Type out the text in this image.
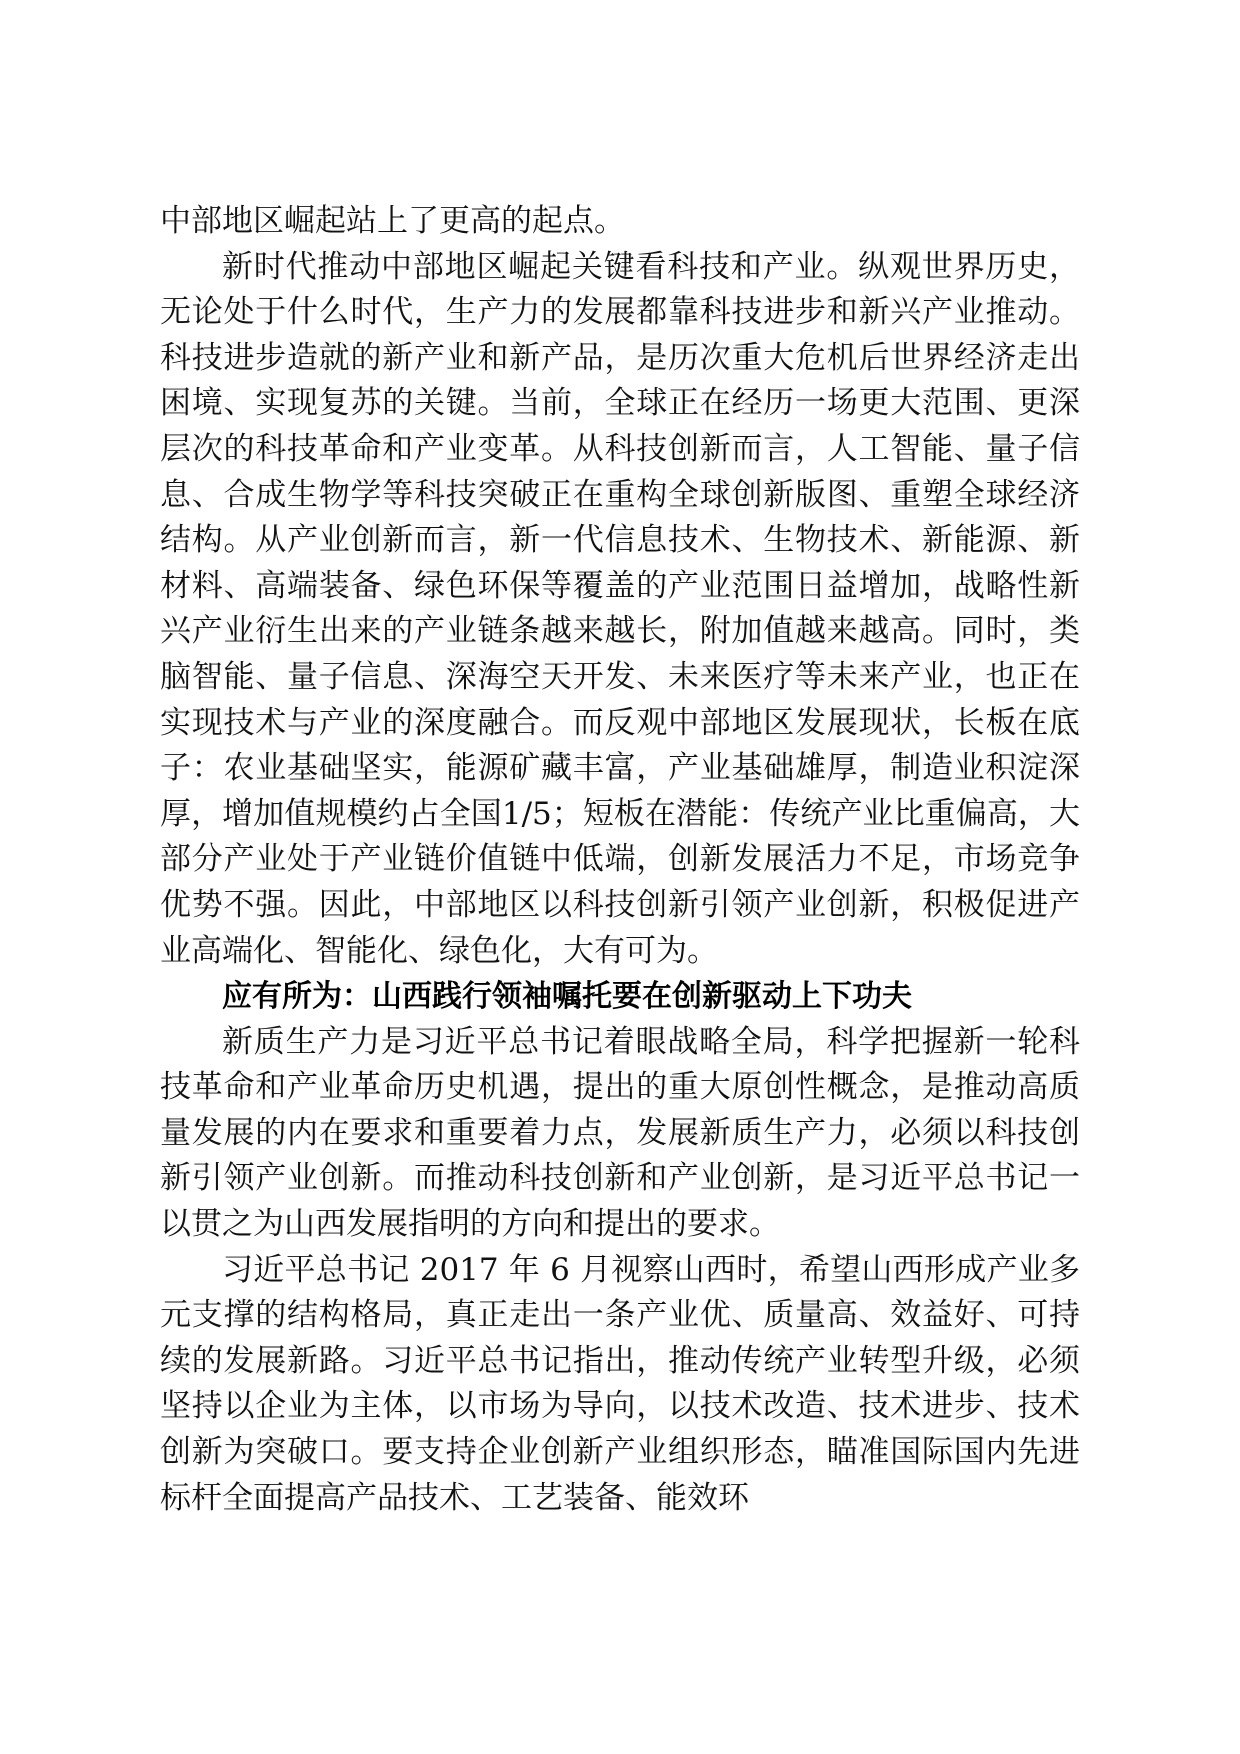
中部地区崛起站上了更高的起点。

新时代推动中部地区崛起关键看科技和产业。纵观世界历史，无论处于什么时代，生产力的发展都靠科技进步和新兴产业推动。科技进步造就的新产业和新产品，是历次重大危机后世界经济走出困境、实现复苏的关键。当前，全球正在经历一场更大范围、更深层次的科技革命和产业变革。从科技创新而言，人工智能、量子信息、合成生物学等科技突破正在重构全球创新版图、重塑全球经济结构。从产业创新而言，新一代信息技术、生物技术、新能源、新材料、高端装备、绿色环保等覆盖的产业范围日益增加，战略性新兴产业衍生出来的产业链条越来越长，附加值越来越高。同时，类脑智能、量子信息、深海空天开发、未来医疗等未来产业，也正在实现技术与产业的深度融合。而反观中部地区发展现状，长板在底子：农业基础坚实，能源矿藏丰富，产业基础雄厚，制造业积淀深厚，增加值规模约占全国1/5；短板在潜能：传统产业比重偏高，大部分产业处于产业链价值链中低端，创新发展活力不足，市场竞争优势不强。因此，中部地区以科技创新引领产业创新，积极促进产业高端化、智能化、绿色化，大有可为。

应有所为：山西践行领袖嘱托要在创新驱动上下功夫

新质生产力是习近平总书记着眼战略全局，科学把握新一轮科技革命和产业革命历史机遇，提出的重大原创性概念，是推动高质量发展的内在要求和重要着力点，发展新质生产力，必须以科技创新引领产业创新。而推动科技创新和产业创新，是习近平总书记一以贯之为山西发展指明的方向和提出的要求。

习近平总书记 2017 年 6 月视察山西时，希望山西形成产业多元支撑的结构格局，真正走出一条产业优、质量高、效益好、可持续的发展新路。习近平总书记指出，推动传统产业转型升级，必须坚持以企业为主体，以市场为导向，以技术改造、技术进步、技术创新为突破口。要支持企业创新产业组织形态，瞄准国际国内先进标杆全面提高产品技术、工艺装备、能效环
